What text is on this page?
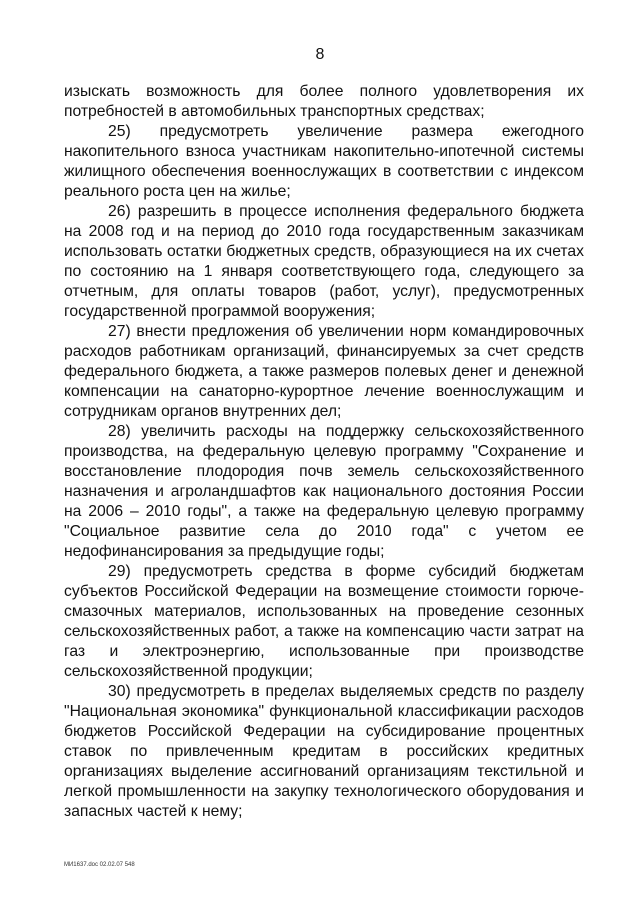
8

изыскать возможность для более полного удовлетворения их потребностей в автомобильных транспортных средствах;

25) предусмотреть увеличение размера ежегодного накопительного взноса участникам накопительно-ипотечной системы жилищного обеспечения военнослужащих в соответствии с индексом реального роста цен на жилье;

26) разрешить в процессе исполнения федерального бюджета на 2008 год и на период до 2010 года государственным заказчикам использовать остатки бюджетных средств, образующиеся на их счетах по состоянию на 1 января соответствующего года, следующего за отчетным, для оплаты товаров (работ, услуг), предусмотренных государственной программой вооружения;

27) внести предложения об увеличении норм командировочных расходов работникам организаций, финансируемых за счет средств федерального бюджета, а также размеров полевых денег и денежной компенсации на санаторно-курортное лечение военнослужащим и сотрудникам органов внутренних дел;

28) увеличить расходы на поддержку сельскохозяйственного производства, на федеральную целевую программу "Сохранение и восстановление плодородия почв земель сельскохозяйственного назначения и агроландшафтов как национального достояния России на 2006 – 2010 годы", а также на федеральную целевую программу "Социальное развитие села до 2010 года" с учетом ее недофинансирования за предыдущие годы;

29) предусмотреть средства в форме субсидий бюджетам субъектов Российской Федерации на возмещение стоимости горюче-смазочных материалов, использованных на проведение сезонных сельскохозяйственных работ, а также на компенсацию части затрат на газ и электроэнергию, использованные при производстве сельскохозяйственной продукции;

30) предусмотреть в пределах выделяемых средств по разделу "Национальная экономика" функциональной классификации расходов бюджетов Российской Федерации на субсидирование процентных ставок по привлеченным кредитам в российских кредитных организациях выделение ассигнований организациям текстильной и легкой промышленности на закупку технологического оборудования и запасных частей к нему;

МИ1637.doc 02.02.07 548
